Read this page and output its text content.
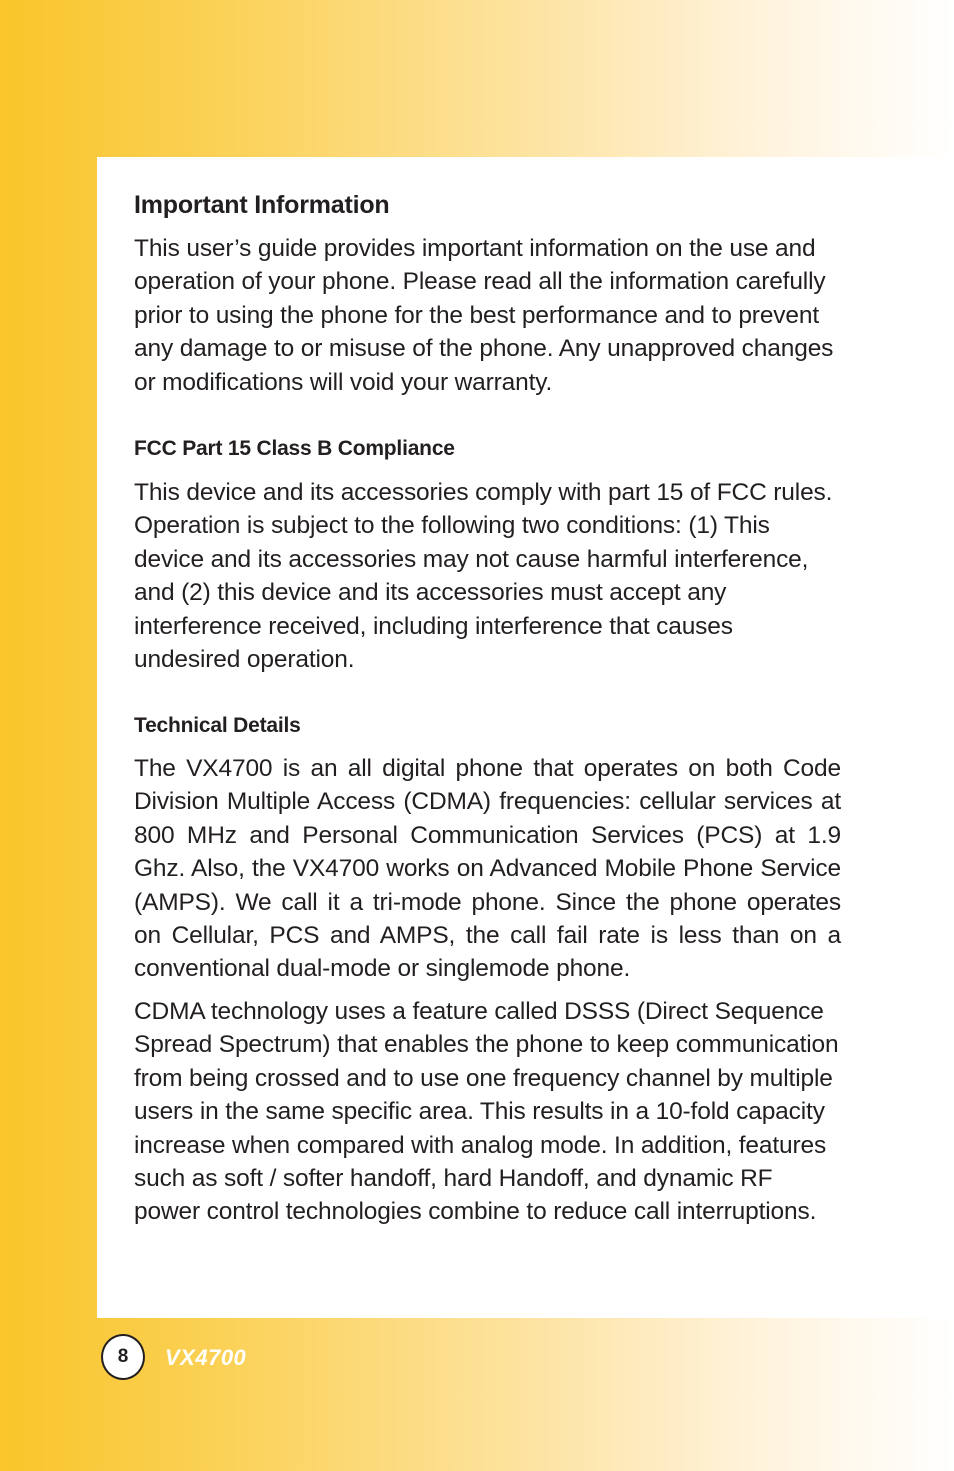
Important Information

This user’s guide provides important information on the use and operation of your phone. Please read all the information carefully prior to using the phone for the best performance and to prevent any damage to or misuse of the phone. Any unapproved changes or modifications will void your warranty.

FCC Part 15 Class B Compliance

This device and its accessories comply with part 15 of FCC rules. Operation is subject to the following two conditions: (1) This device and its accessories may not cause harmful interference, and (2) this device and its accessories must accept any interference received, including interference that causes undesired operation.

Technical Details

The VX4700 is an all digital phone that operates on both Code Division Multiple Access (CDMA) frequencies: cellular services at 800 MHz and Personal Communication Services (PCS) at 1.9 Ghz. Also, the VX4700 works on Advanced Mobile Phone Service (AMPS). We call it a tri-mode phone. Since the phone operates on Cellular, PCS and AMPS, the call fail rate is less than on a conventional dual-mode or singlemode phone.

CDMA technology uses a feature called DSSS (Direct Sequence Spread Spectrum) that enables the phone to keep communication from being crossed and to use one frequency channel by multiple users in the same specific area. This results in a 10-fold capacity increase when compared with analog mode. In addition, features such as soft / softer handoff, hard Handoff, and dynamic RF power control technologies combine to reduce call interruptions.

8 VX4700
